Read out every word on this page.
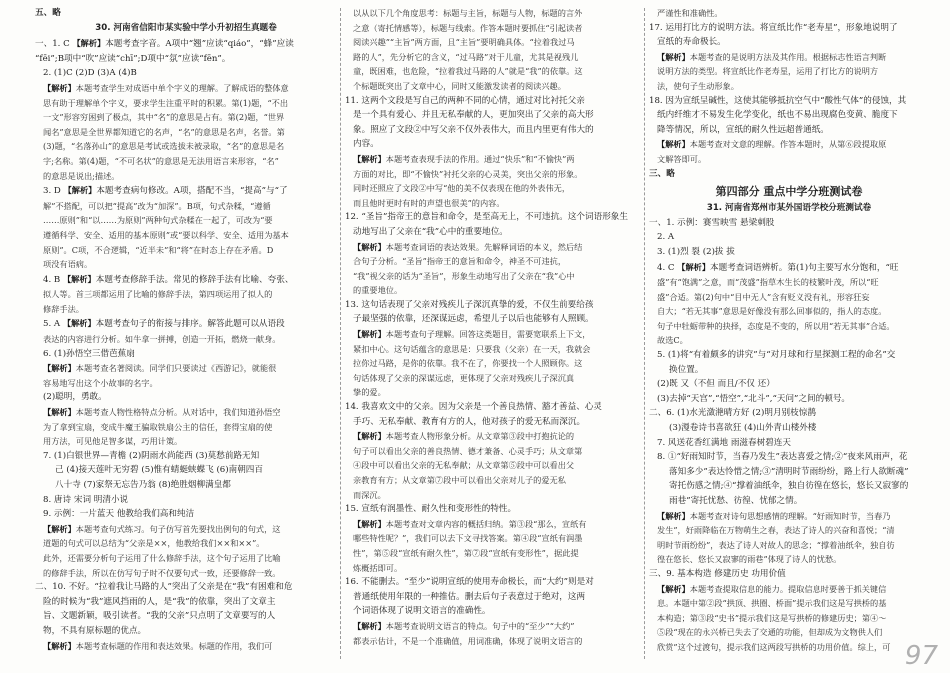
五、略
30. 河南省信阳市某实验中学小升初招生真题卷
一、1. C 【解析】本题考查字音。A项中“翘”应读“qiáo”，“蜂”应读
“fēi”;B项中“吹”应读“chī”;D项中“氛”应读“fēn”。
2. (1)C (2)D (3)A (4)B
【解析】本题考查学生对成语中单个字义的理解。了解成语的整体意
思有助于理解单个字义，要求学生注重平时的积累。第(1)题，“不出
一文”形容穷困到了极点，其中“名”的意思是占有。第(2)题，“世界
闻名”意思是全世界都知道它的名声，“名”的意思是名声，名誉。第
(3)题，“名落孙山”的意思是考试或选拔未被录取，“名”的意思是名
字;名称。第(4)题，“不可名状”的意思是无法用语言来形容，“名”
的意思是说出;描述。
3. D 【解析】本题考查病句修改。A项，搭配不当，“提高”与“了
解”不搭配，可以把“提高”改为“加深”。B项，句式杂糅，“遵循
……原则”和“以……为原则”两种句式杂糅在一起了，可改为“要
遵循科学、安全、适用的基本原则”或“要以科学、安全、适用为基本
原则”。C项，不合逻辑，“近半未”和“将”在时态上存在矛盾。D
项没有语病。
4. B 【解析】本题考查修辞手法。常见的修辞手法有比喻、夸张、
拟人等。首三项都运用了比喻的修辞手法，第四项运用了拟人的
修辞手法。
5. A 【解析】本题考查句子的衔接与排序。解答此题可以从语段
表达的内容进行分析。如牛拿一拼搏，创造一开拓，燃烧一献身。
6. (1)孙悟空三借芭蕉扇
【解析】本题考查名著阅读。同学们只要读过《西游记》，就能很
容易地写出这个小故事的名字。
(2)聪明，勇敢。
【解析】本题考查人物性格特点分析。从对话中，我们知道孙悟空
为了拿到宝扇，变成牛魔王骗取铁扇公主的信任，套得宝扇的使
用方法，可见他足智多谋，巧用计策。
7. (1)白银世界—青檐 (2)阴雨水尚能西 (3)莫愁前路无知
己 (4)接天莲叶无穷碧 (5)惟有蜻蜓蛱蝶飞 (6)南朝四百
八十寺 (7)家祭无忘告乃翁 (8)绝胜烟柳满皇都
8. 唐诗 宋词 明清小说
9. 示例：一片蓝天 他教给我们高和纯洁
【解析】本题考查句式练习。句子仿写首先要找出例句的句式，这
道题的句式可以总结为“父亲是××，他教给我们××和××”。
此外，还需要分析句子运用了什么修辞手法，这个句子运用了比喻
的修辞手法，所以在仿写句子时不仅要句式一致，还要修辞一致。
二、10. 不好。“拉着我让马路的人”突出了父亲是在“我”有困难和危
险的时候为“我”遮风挡雨的人，是“我”的依靠，突出了文章主
旨、文题新颖，吸引读者。“我的父亲”只点明了文章要写的人
物，不具有原标题的优点。
【解析】本题考查标题的作用和表达效果。标题的作用，我们可
以从以下几个角度思考：标题与主旨，标题与人物，标题的言外
之意（寄托情感等），标题与线索。作答本题时要抓住“引起读者
阅读兴趣”“主旨”两方面，且“主旨”要明确具体。“拉着我过马
路的人”，先分析它的含义，“过马路”对于儿童，尤其是视残儿
童，既困难，也危险，“拉着我过马路的人”就是“我”的依靠。这
个标题既突出了文章中心，同时又能激发读者的阅读兴趣。
11. 这两个文段是写自己的两种不同的心情，通过对比衬托父亲
是一个具有爱心、并且无私奉献的人，更加突出了父亲的高大形
象。照应了文段②中写父亲不仅外表伟大，而且内里更有伟大的
内容。
【解析】本题考查表现手法的作用。通过“快乐”和“不愉快”两
方面的对比，即“不愉快”衬托父亲的心灵美，突出父亲的形象。
同时还照应了文段②中写“他的美不仅表现在他的外表伟无，
而且他时更时有时的声望也很美”的内容。
12. “圣旨”指帝王的意旨和命令，是至高无上，不可违抗。这个词语形象生
动地写出了父亲在“我”心中的重要地位。
【解析】本题考查词语的表达效果。先解释词语的本义，然后结
合句子分析。“圣旨”指帝王的意旨和命令，神圣不可违抗，
“我”视父亲的话为“圣旨”，形象生动地写出了父亲在“我”心中
的重要地位。
13. 这句话表现了父亲对残疾儿子深沉真挚的爱，不仅生前要给孩
子最坚强的依靠，还深谋远虑，希望儿子以后也能够有人照顾。
【解析】本题考查句子理解。回答这类题目，需要宽联系上下文，
紧扣中心。这句话蕴含的意思是：只要我（父亲）在一天，我就会
拉你过马路，是你的依靠。我不在了，你要找一个人照顾你。这
句话体现了父亲的深谋远虑，更体现了父亲对残疾儿子深沉真
挚的爱。
14. 我喜欢文中的父亲。因为父亲是一个善良热情、豁才善益、心灵
手巧、无私奉献、教育有方的人，他对孩子的爱无私而深沉。
【解析】本题考查人物形象分析。从文章第③段中打抱抗论的
句子可以看出父亲的善良热情、德才兼备、心灵手巧；从文章第
④段中可以看出父亲的无私奉献；从文章第⑤段中可以看出父
亲教育有方；从文章第⑦段中可以看出父亲对儿子的爱无私
而深沉。
15. 宣纸有润墨性、耐久性和变形性的特性。
【解析】本题考查对文章内容的概括归纳。第③段“那么，宣纸有
哪些特性呢？”，我们可以去下文寻找答案。第④段“宣纸有润墨
性”，第⑤段“宣纸有耐久性”，第⑦段“宣纸有变形性”，据此提
炼概括即可。
16. 不能删去。“至少”说明宣纸的使用寿命极长，而“大约”则是对
普通纸使用年限的一种推估。删去后句子表意过于绝对，这两
个词语体现了说明文语言的准确性。
【解析】本题考查说明文语言的特点。句子中的“至少”“大约”
都表示估计，不是一个准确值，用词准确，体现了说明文语言的
严谨性和准确性。
17. 运用打比方的说明方法。将宣纸比作“老寿星”，形象地说明了
宣纸的寿命极长。
【解析】本题考查的是说明方法及其作用。根据标志性语言判断
说明方法的类型。将宣纸比作老寿星，运用了打比方的说明方
法，使句子生动形象。
18. 因为宣纸呈碱性，这使其能够抵抗空气中“酸性气体”的侵蚀，其
纸内纤维才不易发生化学变化，纸也不易出现腐色变黄、脆度下
降等情况，所以，宣纸的耐久性远超普通纸。
【解析】本题考查对文意的理解。作答本题时，从第⑥段提取原
文解答即可。
三、略
第四部分 重点中学分班测试卷
31. 河南省郑州市某外国语学校分班测试卷
一、1. 示例：赛雪映雪 悬梁刺股
2. A
3. (1)烈 裂 (2)拔 拔
4. C 【解析】本题考查词语辨析。第(1)句主要写水分饱和，“旺
盛”有“饱满”之意，而“茂盛”指草木生长的枝繁叶茂，所以“旺
盛”合适。第(2)句中“目中无人”含有贬义没有礼，形容狂妄
自大；“若无其事”意思是好像没有那么回事似的，指人的态度。
句子中牡蛎带种的抉择，态度是不变的，所以用“若无其事”合适。
故选C。
5. (1)将“有着颇多的讲究”与“对月球和行星探测工程的命名”交
换位置。
(2)既 又（不但 而且/不仅 还）
(3)去掉“天宫”,“悟空”,“北斗”,“天问”之间的顿号。
二、6. (1)水光潋滟晴方好 (2)明月别枝惊鹊
(3)漫卷诗书喜欲狂 (4)山外青山楼外楼
7. 风送花香红满地 雨滋春树碧连天
8. ①“好雨知时节，当春乃发生”表达喜爱之情;②“夜来风雨声，花
落知多少”表达怜惜之情;③“清明时节雨纷纷，路上行人欲断魂”
寄托伤感之情;④“撑着油纸伞，独自彷徨在悠长，悠长又寂寥的
雨巷”寄托忧愁、彷徨、忧郁之情。
【解析】本题考查对诗句思想感情的理解。“好雨知时节，当春乃
发生”，好雨降临在万物萌生之春，表达了诗人的兴奋和喜悦；“清
明时节雨纷纷”，表达了诗人对故人的思念；“撑着油纸伞，独自彷
徨在悠长、悠长又寂寥的雨巷”体现了诗人的忧愁。
三、9. 基本构造 修建历史 功用价值
【解析】本题考查提取信息的能力。提取信息时要善于抓关键信
息。本题中第②段“拱顶、拱圈、桥面”提示我们这是写拱桥的基
本构造；第③段“史书”提示我们这是写拱桥的修建历史；第④～
⑤段“现在的永兴桥已失去了交通的功能，但却成为文物供人们
欣赏”这个过渡句，提示我们这两段写拱桥的功用价值。综上，可 97
